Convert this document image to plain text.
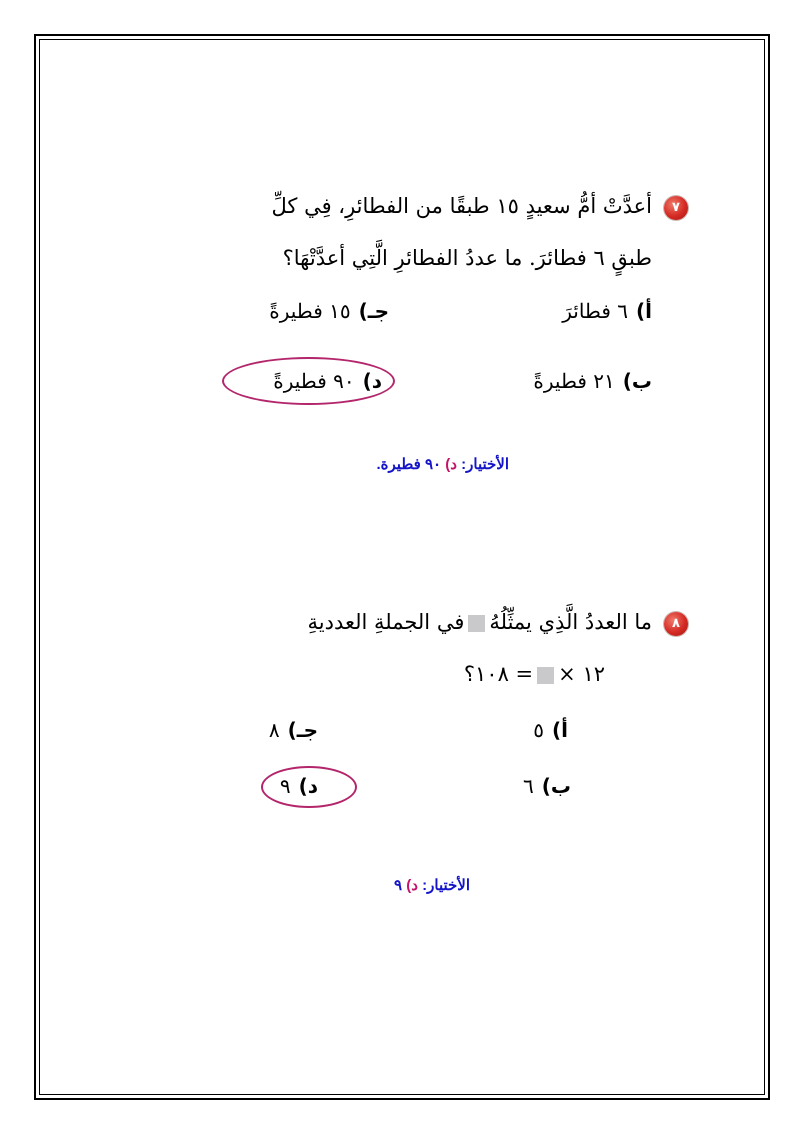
٧أعدَّتْ أمُّ سعيدٍ ١٥ طبقًا من الفطائرِ، فِي كلِّ
طبقٍ ٦ فطائرَ. ما عددُ الفطائرِ الَّتِي أعدَّتْهَا؟
أ)٦ فطائرَ
جـ)١٥ فطيرةً
ب)٢١ فطيرةً
د)٩٠ فطيرةً
الأختيار: د) ٩٠ فطيرة.
٨ما العددُ الَّذِي يمثِّلُهُفي الجملةِ العدديةِ
١٢ ×= ١٠٨؟
أ)٥
جـ)٨
ب)٦
د)٩
الأختيار: د) ٩
